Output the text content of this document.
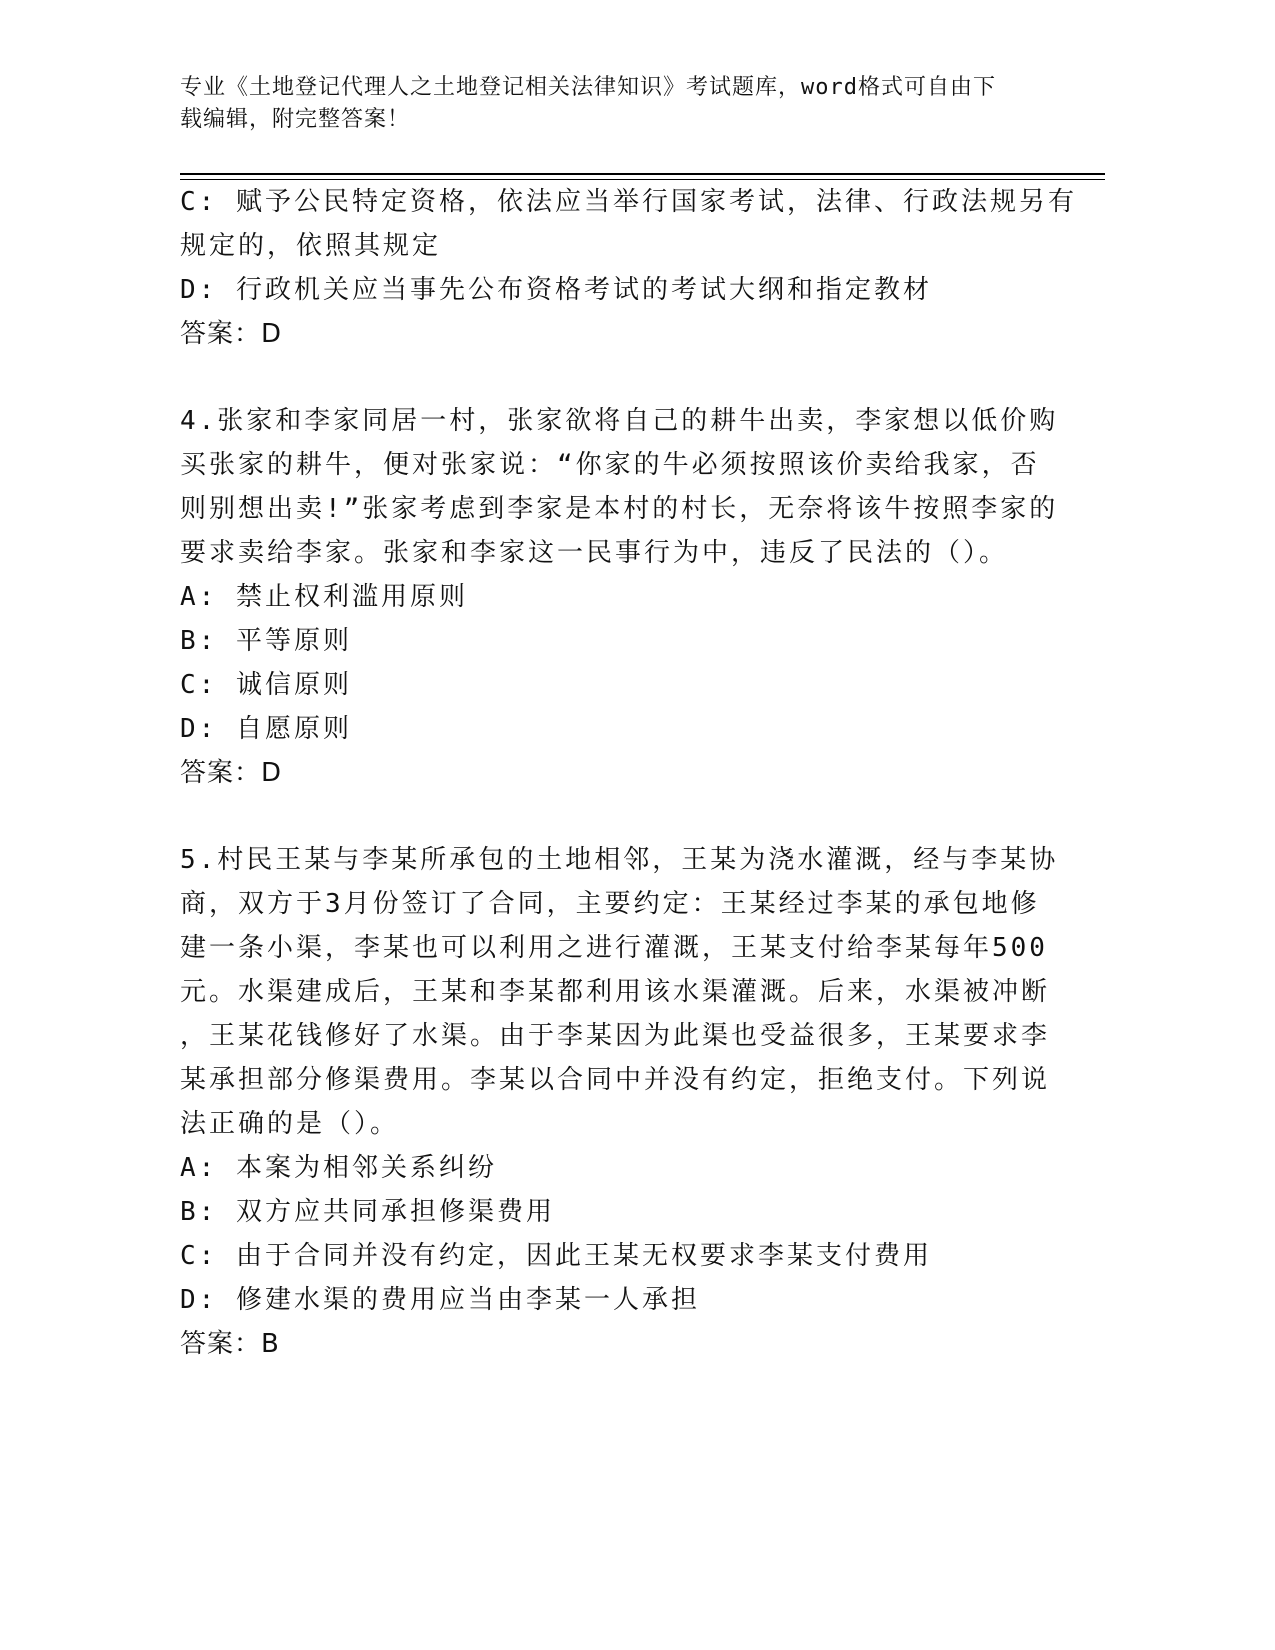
专业《土地登记代理人之土地登记相关法律知识》考试题库，word格式可自由下
载编辑，附完整答案！
C: 赋予公民特定资格，依法应当举行国家考试，法律、行政法规另有
规定的，依照其规定
D: 行政机关应当事先公布资格考试的考试大纲和指定教材
答案：D
4.张家和李家同居一村，张家欲将自己的耕牛出卖，李家想以低价购
买张家的耕牛，便对张家说：“你家的牛必须按照该价卖给我家，否
则别想出卖!”张家考虑到李家是本村的村长，无奈将该牛按照李家的
要求卖给李家。张家和李家这一民事行为中，违反了民法的（）。
A: 禁止权利滥用原则
B: 平等原则
C: 诚信原则
D: 自愿原则
答案：D
5.村民王某与李某所承包的土地相邻，王某为浇水灌溉，经与李某协
商，双方于3月份签订了合同，主要约定：王某经过李某的承包地修
建一条小渠，李某也可以利用之进行灌溉，王某支付给李某每年500
元。水渠建成后，王某和李某都利用该水渠灌溉。后来，水渠被冲断
，王某花钱修好了水渠。由于李某因为此渠也受益很多，王某要求李
某承担部分修渠费用。李某以合同中并没有约定，拒绝支付。下列说
法正确的是（）。
A: 本案为相邻关系纠纷
B: 双方应共同承担修渠费用
C: 由于合同并没有约定，因此王某无权要求李某支付费用
D: 修建水渠的费用应当由李某一人承担
答案：B
